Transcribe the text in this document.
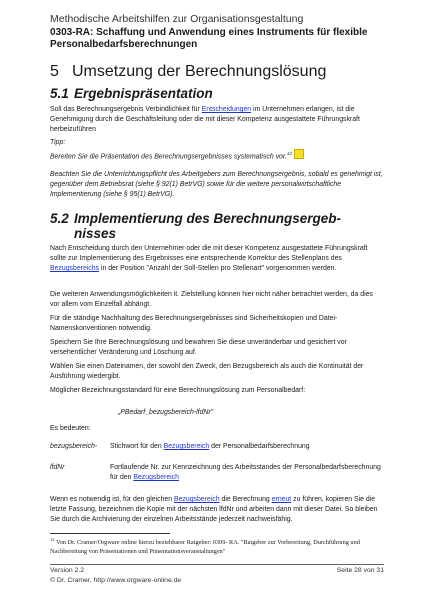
Methodische Arbeitshilfen zur Organisationsgestaltung
0303-RA: Schaffung und Anwendung eines Instruments für flexible Personalbedarfsberechnungen
5 Umsetzung der Berechnungslösung
5.1 Ergebnispräsentation

Soll das Berechnungsergebnis Verbindlichkeit für Entscheidungen im Unternehmen erlangen, ist die Genehmigung durch die Geschäftsleitung oder die mit dieser Kompetenz ausgestattete Führungskraft herbeizuführen

Tipp:

Bereiten Sie die Präsentation des Berechnungsergebnisses systematisch vor.$^{12}$

Beachten Sie die Unterrichtungspflicht des Arbeitgebers zum Berechnungsergebnis, sobald es genehmigt ist, gegenüber dem Betriebsrat (siehe § 92(1) BetrVG) sowie für die weitere personalwirtschaftliche Implementierung (siehe § 95(1) BetrVG).

5.2 Implementierung des Berechnungsergeb-
nisses

Nach Entscheidung durch den Unternehmer oder die mit dieser Kompetenz ausgestattete Führungskraft sollte zur Implementierung des Ergebnisses eine entsprechende Korrektur des Stellenplans des Bezugsbereichs in der Position "Anzahl der Soll-Stellen pro Stellenart" vorgenommen werden.

Die weiteren Anwendungsmöglichkeiten it. Zielstellung können hier nicht näher betrachtet werden, da dies vor allem vom Einzelfall abhängt.

Für die ständige Nachhaltung des Berechnungsergebnisses sind Sicherheitskopien und Datei-Namenskonventionen notwendig.

Speichern Sie Ihre Berechnungslösung und bewahren Sie diese unveränderbar und gesichert vor versehentlicher Veränderung und Löschung auf.

Wählen Sie einen Dateinamen, der sowohl den Zweck, den Bezugsbereich als auch die Kontinuität der Ausführung wiedergibt.

Möglicher Bezeichnungsstandard für eine Berechnungslösung zum Personalbedarf:

„PBedarf_bezugsbereich-lfdNr"

Es bedeuten:

bezugsbereich- Stichwort für den Bezugsbereich der Personalbedarfsberechnung
lfdNr	Fortlaufende Nr. zur Kennzeichnung des Arbeitsstandes der Personalbedarfsberechnung für den Bezugsbereich

Wenn es notwendig ist, für den gleichen Bezugsbereich die Berechnung erneut zu führen, kopieren Sie die letzte Fassung, bezeichnen die Kopie mit der nächsten lfdNr und arbeiten dann mit dieser Datei. So bleiben Sie durch die Archivierung der einzelnen Arbeitsstände jederzeit nachweisfähig.

$^{12}$ Von Dr. Cramer/Orgware online hierzu beziehbarer Ratgeber: 0309- RA. "Ratgeber zur Vorbereitung, Durchführung und Nachbereitung von Präsentationen und Präsentationsveranstaltungen"
Version 2.2
© Dr. Cramer, http://www.orgware-online.de
Seite 28 von 31
